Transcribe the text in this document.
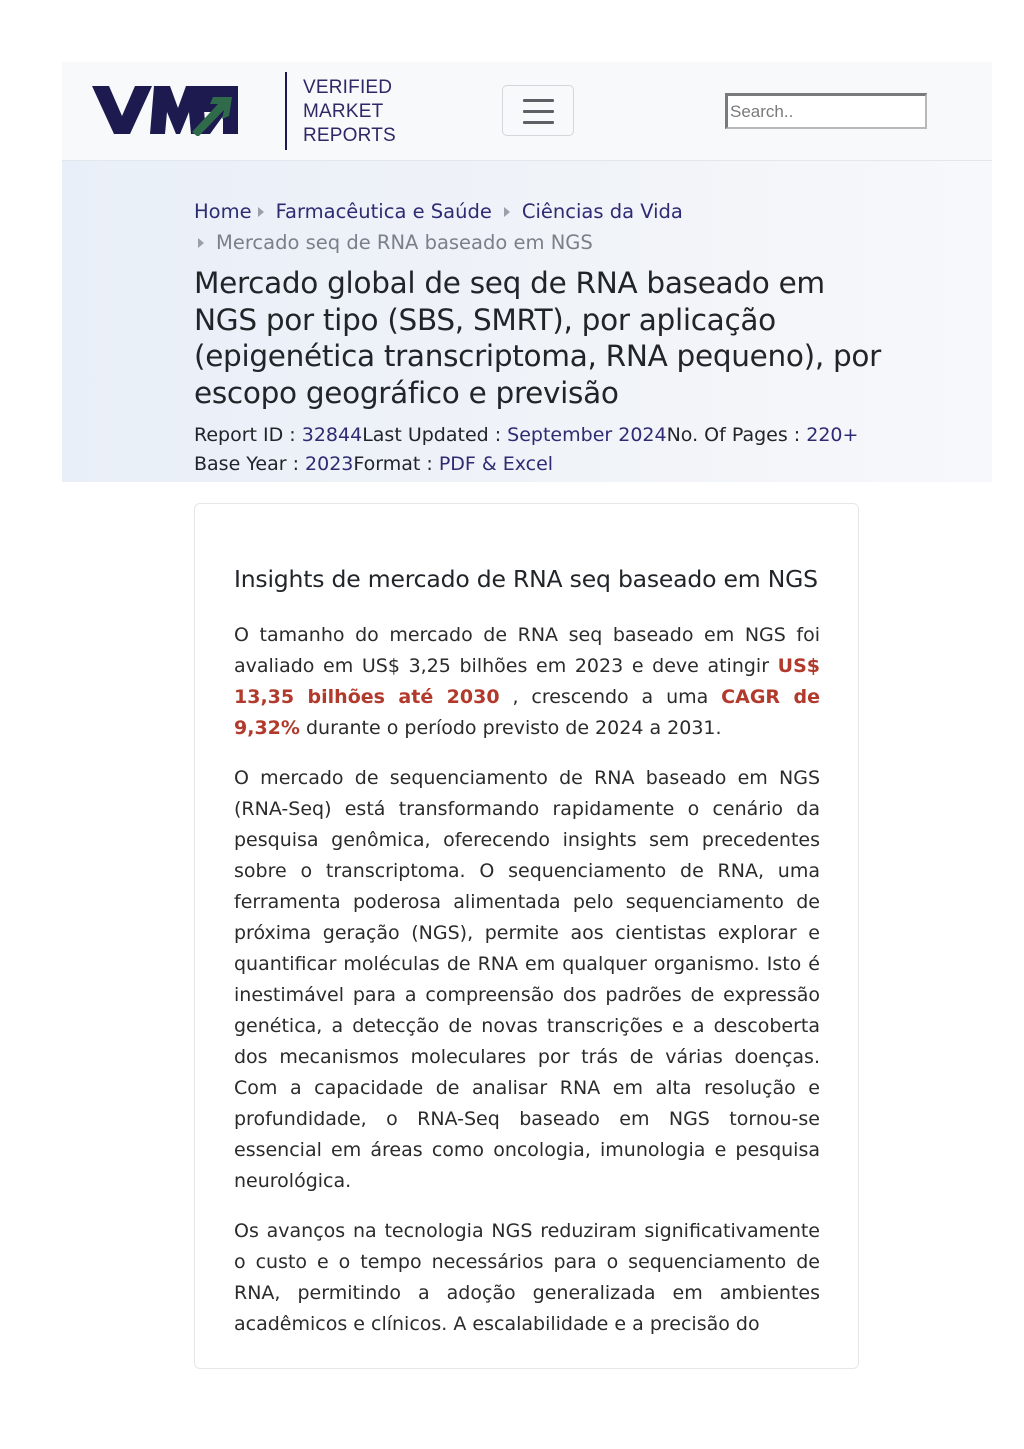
VERIFIED
MARKET
REPORTS
Search..
Home Farmacêutica e Saúde Ciências da Vida
Mercado seq de RNA baseado em NGS
Mercado global de seq de RNA baseado em NGS por tipo (SBS, SMRT), por aplicação (epigenética transcriptoma, RNA pequeno), por escopo geográfico e previsão
Report ID : 32844Last Updated : September 2024No. Of Pages : 220+
Base Year : 2023Format : PDF & Excel
Insights de mercado de RNA seq baseado em NGS

O tamanho do mercado de RNA seq baseado em NGS foi avaliado em US$ 3,25 bilhões em 2023 e deve atingir US$ 13,35 bilhões até 2030 , crescendo a uma CAGR de 9,32% durante o período previsto de 2024 a 2031.

O mercado de sequenciamento de RNA baseado em NGS (RNA-Seq) está transformando rapidamente o cenário da pesquisa genômica, oferecendo insights sem precedentes sobre o transcriptoma. O sequenciamento de RNA, uma ferramenta poderosa alimentada pelo sequenciamento de próxima geração (NGS), permite aos cientistas explorar e quantificar moléculas de RNA em qualquer organismo. Isto é inestimável para a compreensão dos padrões de expressão genética, a detecção de novas transcrições e a descoberta dos mecanismos moleculares por trás de várias doenças. Com a capacidade de analisar RNA em alta resolução e profundidade, o RNA-Seq baseado em NGS tornou-se essencial em áreas como oncologia, imunologia e pesquisa neurológica.

Os avanços na tecnologia NGS reduziram significativamente o custo e o tempo necessários para o sequenciamento de RNA, permitindo a adoção generalizada em ambientes acadêmicos e clínicos. A escalabilidade e a precisão do
